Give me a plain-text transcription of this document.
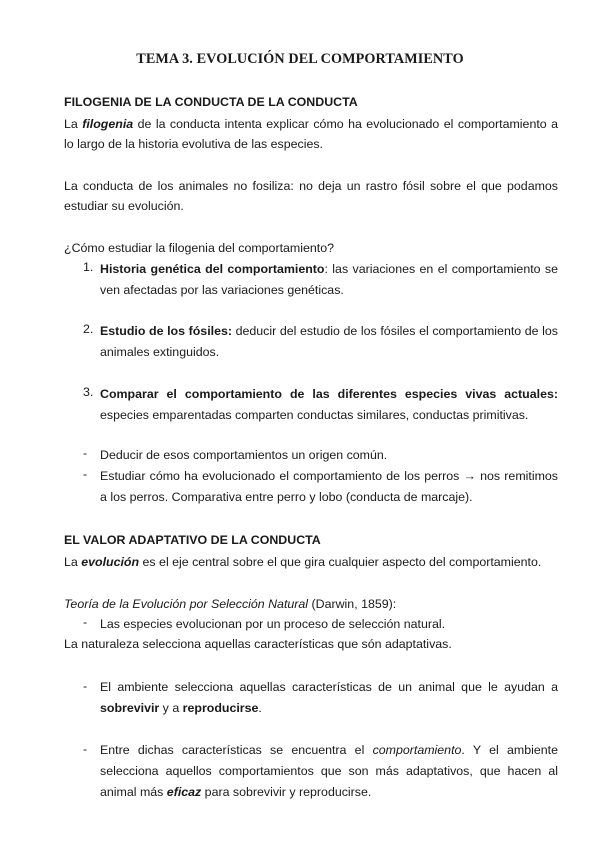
TEMA 3. EVOLUCIÓN DEL COMPORTAMIENTO
FILOGENIA DE LA CONDUCTA DE LA CONDUCTA
La filogenia de la conducta intenta explicar cómo ha evolucionado el comportamiento a lo largo de la historia evolutiva de las especies.
La conducta de los animales no fosiliza: no deja un rastro fósil sobre el que podamos estudiar su evolución.
¿Cómo estudiar la filogenia del comportamiento?
1. Historia genética del comportamiento: las variaciones en el comportamiento se ven afectadas por las variaciones genéticas.
2. Estudio de los fósiles: deducir del estudio de los fósiles el comportamiento de los animales extinguidos.
3. Comparar el comportamiento de las diferentes especies vivas actuales: especies emparentadas comparten conductas similares, conductas primitivas.
- Deducir de esos comportamientos un origen común.
- Estudiar cómo ha evolucionado el comportamiento de los perros → nos remitimos a los perros. Comparativa entre perro y lobo (conducta de marcaje).
EL VALOR ADAPTATIVO DE LA CONDUCTA
La evolución es el eje central sobre el que gira cualquier aspecto del comportamiento.
Teoría de la Evolución por Selección Natural (Darwin, 1859):
- Las especies evolucionan por un proceso de selección natural.
La naturaleza selecciona aquellas características que són adaptativas.
- El ambiente selecciona aquellas características de un animal que le ayudan a sobrevivir y a reproducirse.
- Entre dichas características se encuentra el comportamiento. Y el ambiente selecciona aquellos comportamientos que son más adaptativos, que hacen al animal más eficaz para sobrevivir y reproducirse.
